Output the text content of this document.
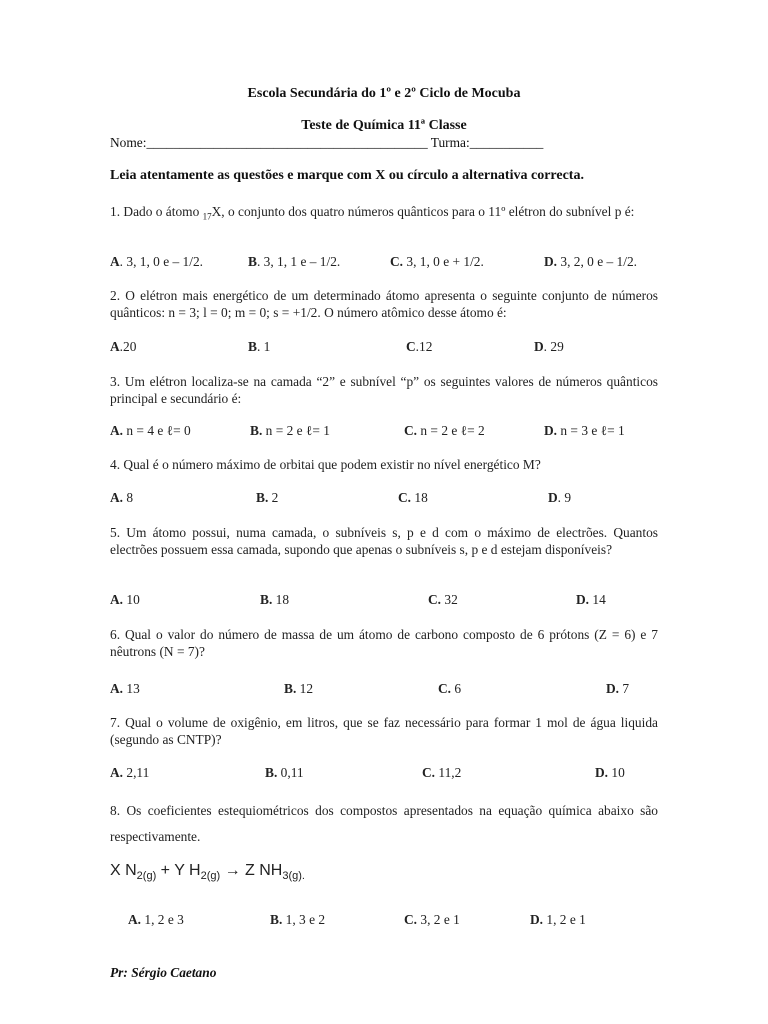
Escola Secundária do 1º e 2º Ciclo de Mocuba
Teste de Química 11ª Classe
Nome:__________________________________________ Turma:___________
Leia atentamente as questões e marque com X ou círculo a alternativa correcta.
1. Dado o átomo $_{17}$X, o conjunto dos quatro números quânticos para o 11º elétron do subnível p é:
A. 3, 1, 0 e – 1/2.	B. 3, 1, 1 e – 1/2.	C. 3, 1, 0 e + 1/2.	D. 3, 2, 0 e – 1/2.
2. O elétron mais energético de um determinado átomo apresenta o seguinte conjunto de números quânticos: n = 3; l = 0; m = 0; s = +1/2. O número atômico desse átomo é:
A.20	B. 1	C.12	D. 29
3. Um elétron localiza-se na camada “2” e subnível “p” os seguintes valores de números quânticos principal e secundário é:
A. n = 4 e ℓ= 0	B. n = 2 e ℓ= 1	C. n = 2 e ℓ= 2	D. n = 3 e ℓ= 1
4. Qual é o número máximo de orbitai que podem existir no nível energético M?
A. 8	B. 2	C. 18	D. 9
5. Um átomo possui, numa camada, o subníveis s, p e d com o máximo de electrões. Quantos electrões possuem essa camada, supondo que apenas o subníveis s, p e d estejam disponíveis?
A. 10	B. 18	C. 32	D. 14
6. Qual o valor do número de massa de um átomo de carbono composto de 6 prótons (Z = 6) e 7 nêutrons (N = 7)?
A. 13	B. 12	C. 6	D. 7
7. Qual o volume de oxigênio, em litros, que se faz necessário para formar 1 mol de água liquida (segundo as CNTP)?
A. 2,11	B. 0,11	C. 11,2	D. 10
8. Os coeficientes estequiométricos dos compostos apresentados na equação química abaixo são respectivamente.
X $N_{2(g)} + Y$ $H_{2(g)} \to Z$ $NH_{3(g).}$
A. 1, 2 e 3	B. 1, 3 e 2	C. 3, 2 e 1	D. 1, 2 e 1
Pr: Sérgio Caetano
